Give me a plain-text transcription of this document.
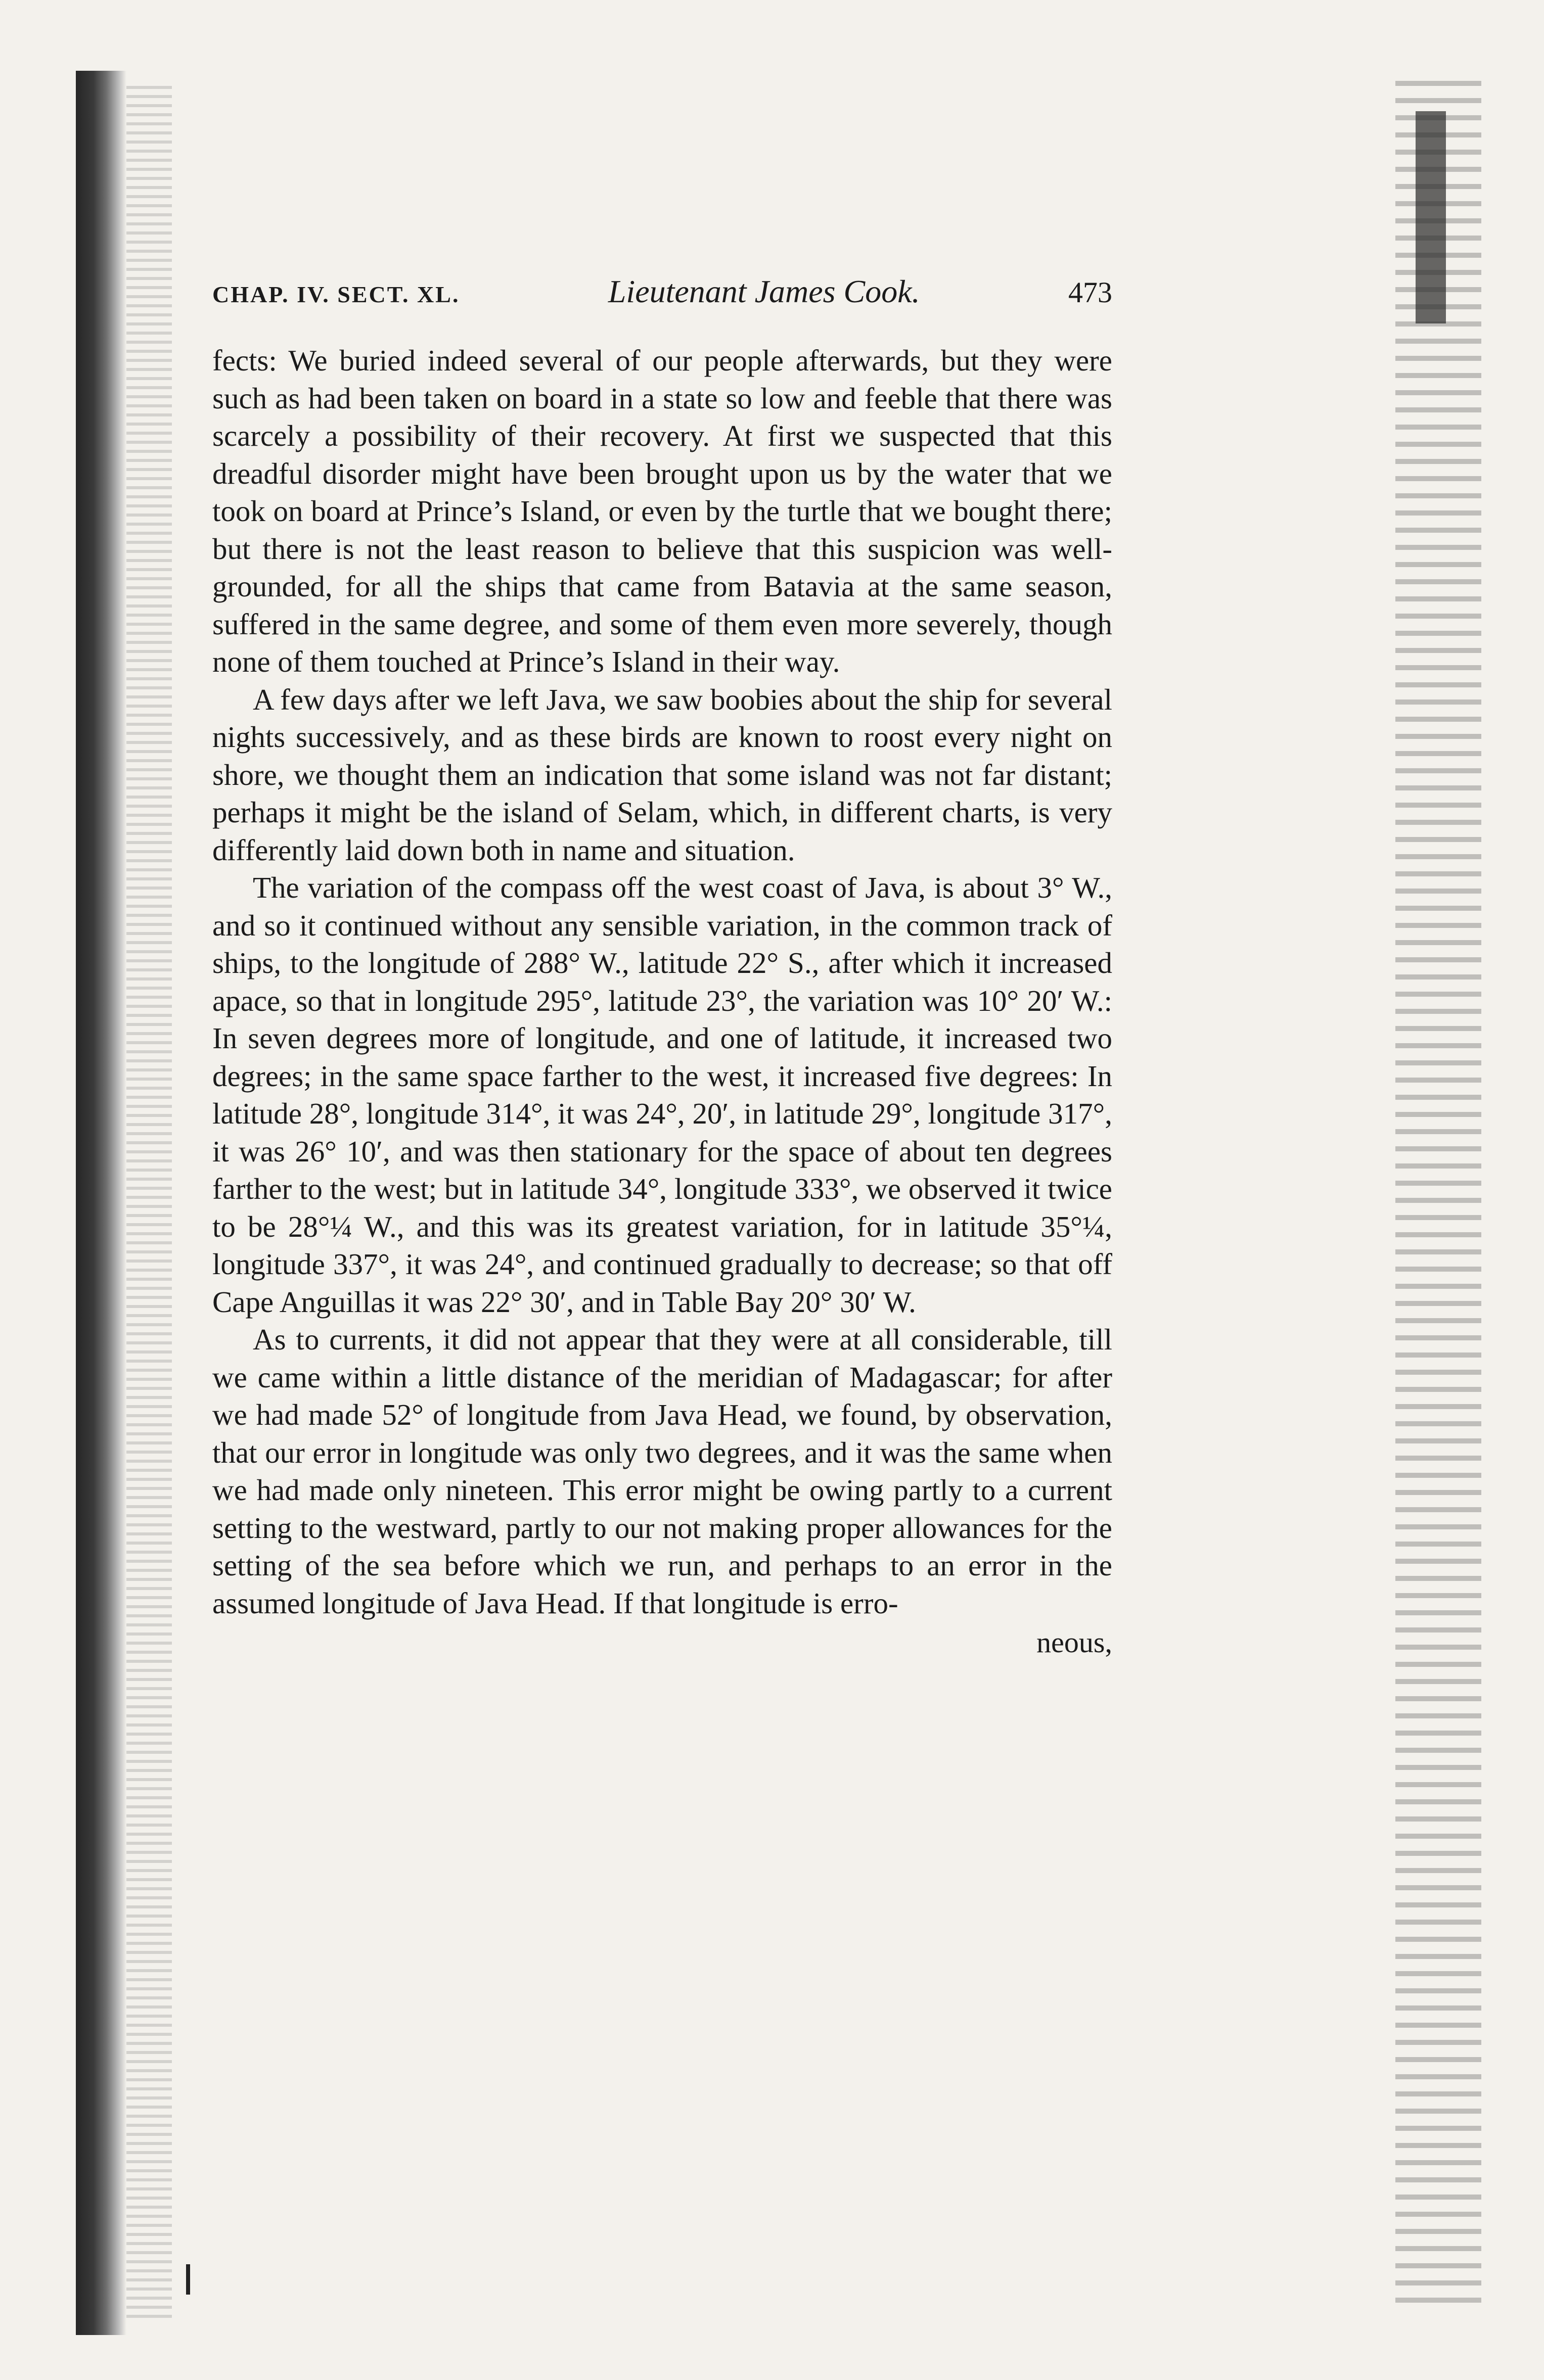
CHAP. IV. SECT. XL.	Lieutenant James Cook.	473

fects: We buried indeed several of our people afterwards, but they were such as had been taken on board in a state so low and feeble that there was scarcely a possibility of their recovery. At first we suspected that this dreadful disorder might have been brought upon us by the water that we took on board at Prince’s Island, or even by the turtle that we bought there; but there is not the least reason to believe that this suspicion was well-grounded, for all the ships that came from Batavia at the same season, suffered in the same degree, and some of them even more severely, though none of them touched at Prince’s Island in their way.

A few days after we left Java, we saw boobies about the ship for several nights successively, and as these birds are known to roost every night on shore, we thought them an indication that some island was not far distant; perhaps it might be the island of Selam, which, in different charts, is very differently laid down both in name and situation.

The variation of the compass off the west coast of Java, is about 3° W., and so it continued without any sensible variation, in the common track of ships, to the longitude of 288° W., latitude 22° S., after which it increased apace, so that in longitude 295°, latitude 23°, the variation was 10° 20′ W.: In seven degrees more of longitude, and one of latitude, it increased two degrees; in the same space farther to the west, it increased five degrees: In latitude 28°, longitude 314°, it was 24°, 20′, in latitude 29°, longitude 317°, it was 26° 10′, and was then stationary for the space of about ten degrees farther to the west; but in latitude 34°, longitude 333°, we observed it twice to be 28°¼ W., and this was its greatest variation, for in latitude 35°¼, longitude 337°, it was 24°, and continued gradually to decrease; so that off Cape Anguillas it was 22° 30′, and in Table Bay 20° 30′ W.

As to currents, it did not appear that they were at all considerable, till we came within a little distance of the meridian of Madagascar; for after we had made 52° of longitude from Java Head, we found, by observation, that our error in longitude was only two degrees, and it was the same when we had made only nineteen. This error might be owing partly to a current setting to the westward, partly to our not making proper allowances for the setting of the sea before which we run, and perhaps to an error in the assumed longitude of Java Head. If that longitude is erro-

neous,
